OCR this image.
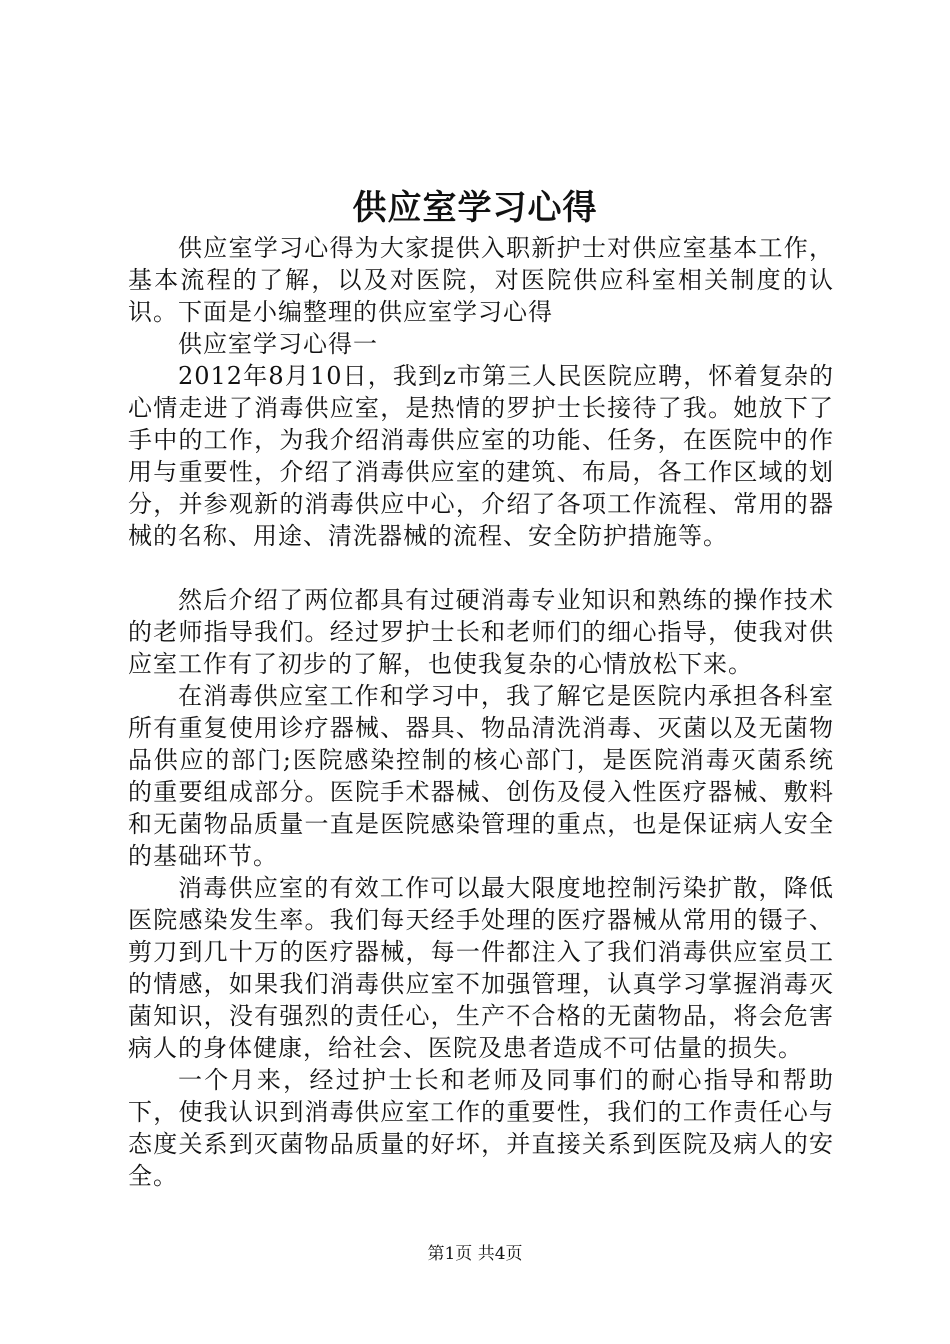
供应室学习心得

供应室学习心得为大家提供入职新护士对供应室基本工作，基本流程的了解，以及对医院，对医院供应科室相关制度的认识。下面是小编整理的供应室学习心得

供应室学习心得一

2012年8月10日，我到z市第三人民医院应聘，怀着复杂的心情走进了消毒供应室，是热情的罗护士长接待了我。她放下了手中的工作，为我介绍消毒供应室的功能、任务，在医院中的作用与重要性，介绍了消毒供应室的建筑、布局，各工作区域的划分，并参观新的消毒供应中心，介绍了各项工作流程、常用的器械的名称、用途、清洗器械的流程、安全防护措施等。

然后介绍了两位都具有过硬消毒专业知识和熟练的操作技术的老师指导我们。经过罗护士长和老师们的细心指导，使我对供应室工作有了初步的了解，也使我复杂的心情放松下来。

在消毒供应室工作和学习中，我了解它是医院内承担各科室所有重复使用诊疗器械、器具、物品清洗消毒、灭菌以及无菌物品供应的部门;医院感染控制的核心部门，是医院消毒灭菌系统的重要组成部分。医院手术器械、创伤及侵入性医疗器械、敷料和无菌物品质量一直是医院感染管理的重点，也是保证病人安全的基础环节。

消毒供应室的有效工作可以最大限度地控制污染扩散，降低医院感染发生率。我们每天经手处理的医疗器械从常用的镊子、剪刀到几十万的医疗器械，每一件都注入了我们消毒供应室员工的情感，如果我们消毒供应室不加强管理，认真学习掌握消毒灭菌知识，没有强烈的责任心，生产不合格的无菌物品，将会危害病人的身体健康，给社会、医院及患者造成不可估量的损失。

一个月来，经过护士长和老师及同事们的耐心指导和帮助下，使我认识到消毒供应室工作的重要性，我们的工作责任心与态度关系到灭菌物品质量的好坏，并直接关系到医院及病人的安全。

第1页 共4页
